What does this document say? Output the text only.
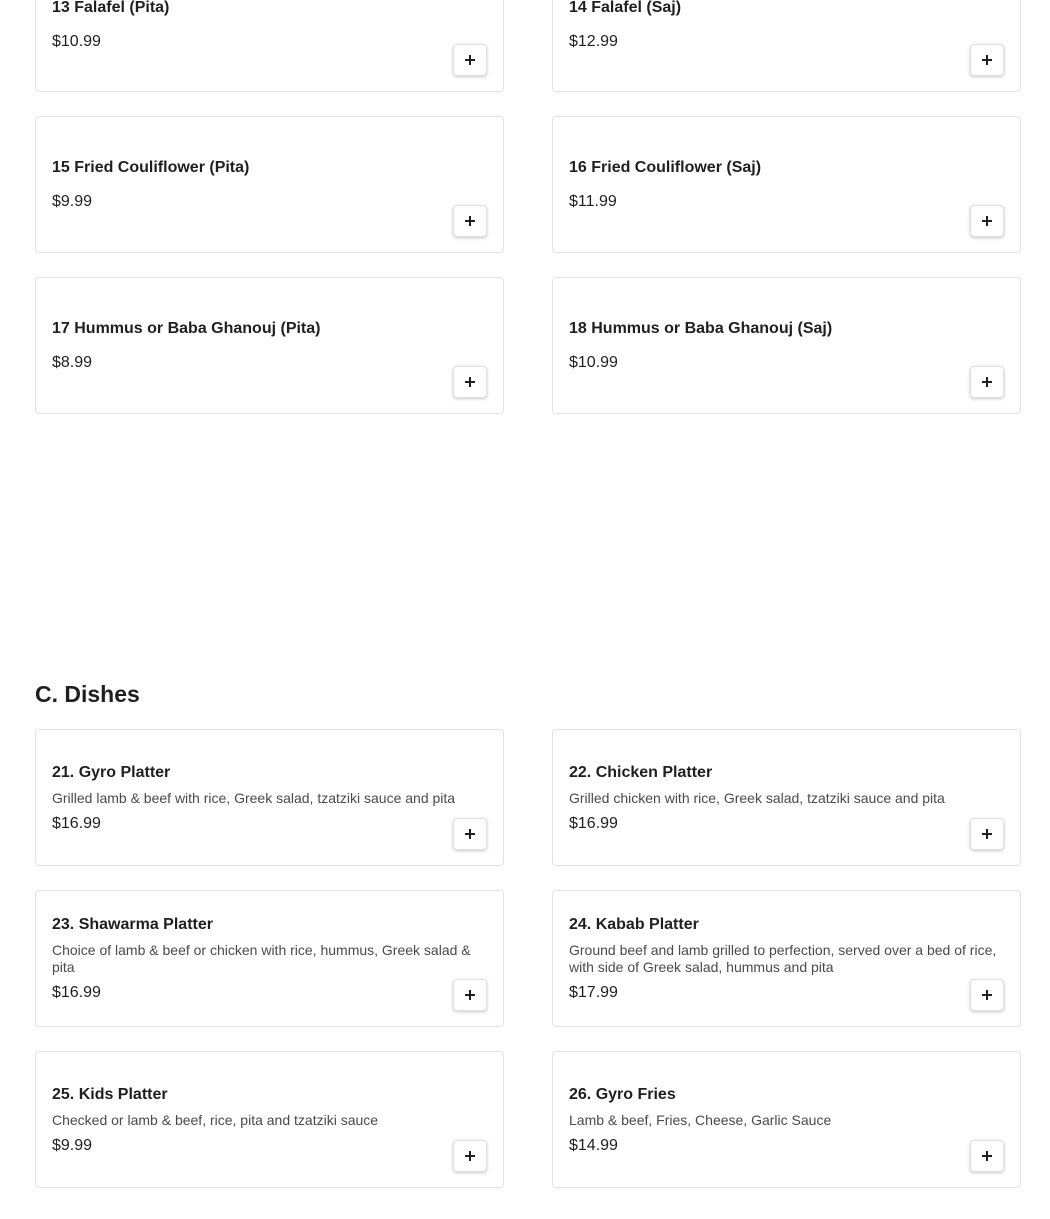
13 Falafel (Pita)
$10.99
14 Falafel (Saj)
$12.99
15 Fried Couliflower (Pita)
$9.99
16 Fried Couliflower (Saj)
$11.99
17 Hummus or Baba Ghanouj (Pita)
$8.99
18 Hummus or Baba Ghanouj (Saj)
$10.99
C. Dishes
21. Gyro Platter
Grilled lamb & beef with rice, Greek salad, tzatziki sauce and pita
$16.99
22. Chicken Platter
Grilled chicken with rice, Greek salad, tzatziki sauce and pita
$16.99
23. Shawarma Platter
Choice of lamb & beef or chicken with rice, hummus, Greek salad & pita
$16.99
24. Kabab Platter
Ground beef and lamb grilled to perfection, served over a bed of rice, with side of Greek salad, hummus and pita
$17.99
25. Kids Platter
Checked or lamb & beef, rice, pita and tzatziki sauce
$9.99
26. Gyro Fries
Lamb & beef, Fries, Cheese, Garlic Sauce
$14.99
